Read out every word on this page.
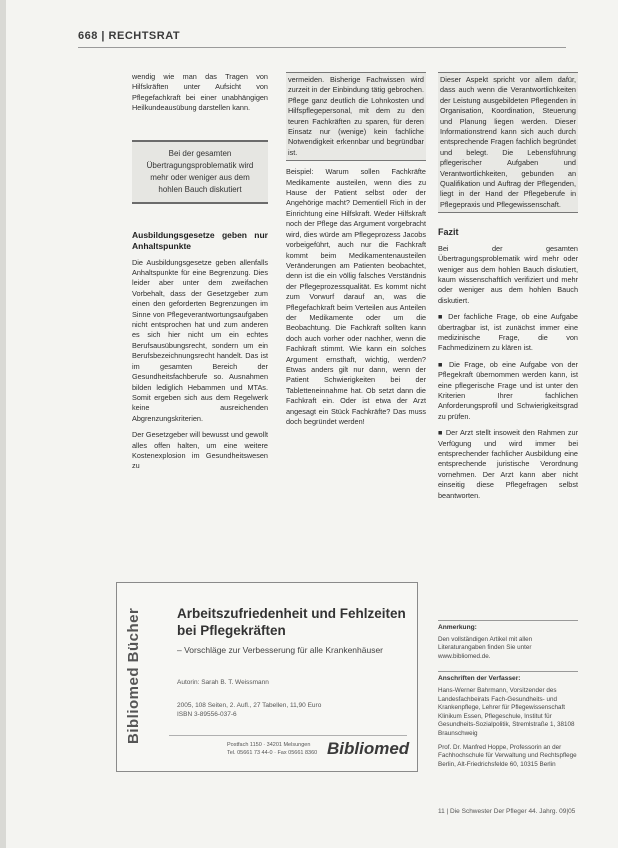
668 | RECHTSRAT

wendig wie man das Tragen von Hilfskräften unter Aufsicht von Pflegefachkraft bei einer unabhängigen Heilkundeausübung darstellen kann.

Bei der gesamten Übertragungsproblematik wird mehr oder weniger aus dem hohlen Bauch diskutiert
Ausbildungsgesetze geben nur Anhaltspunkte

Die Ausbildungsgesetze geben allenfalls Anhaltspunkte für eine Begrenzung. Dies leider aber unter dem zweifachen Vorbehalt, dass der Gesetzgeber zum einen den geforderten Begrenzungen im Sinne von Pflegeverantwortungsaufgaben nicht entsprochen hat und zum anderen es sich hier nicht um ein echtes Berufsausübungsrecht, sondern um ein Berufsbezeichnungsrecht handelt. Das ist im gesamten Bereich der Gesundheitsfachberufe so. Ausnahmen bilden lediglich Hebammen und MTAs. Somit ergeben sich aus dem Regelwerk keine ausreichenden Abgrenzungskriterien.

Der Gesetzgeber will bewusst und gewollt alles offen halten, um eine weitere Kostenexplosion im Gesundheitswesen zu

vermeiden. Bisherige Fachwissen wird zurzeit in der Einbindung tätig gebrochen. Pflege ganz deutlich die Lohnkosten und Hilfspflegepersonal, mit dem zu den teuren Fachkräften zu sparen, für deren Einsatz nur (wenige) kein fachliche Notwendigkeit erkennbar und begründbar ist.

Beispiel: Warum sollen Fachkräfte Medikamente austeilen, wenn dies zu Hause der Patient selbst oder der Angehörige macht? Dementiell Rich in der Einrichtung eine Hilfskraft. Weder Hilfskraft noch der Pflege das Argument vorgebracht wird, dies würde am Pflegeprozess Jacobs vorbeigeführt, auch nur die Fachkraft kommt beim Medikamentenausteilen Veränderungen am Patienten beobachtet, denn ist die ein völlig falsches Verständnis der Pflegeprozessqualität. Es kommt nicht zum Vorwurf darauf an, was die Pflegefachkraft beim Verteilen aus Anteilen der Medikamente oder um die Beobachtung. Die Fachkraft sollten kann doch auch vorher oder nachher, wenn die Fachkraft stimmt. Wie kann ein solches Argument ernsthaft, wichtig, werden? Etwas anders gilt nur dann, wenn der Patient Schwierigkeiten bei der Tabletteneinnahme hat. Ob setzt dann die Fachkraft ein. Oder ist etwa der Arzt angesagt ein Stück Fachkräfte? Das muss doch begründet werden!

Dieser Aspekt spricht vor allem dafür, dass auch wenn die Verantwortlichkeiten der Leistung ausgebildeten Pflegenden in Organisation, Koordination, Steuerung und Planung liegen werden. Dieser Informationstrend kann sich auch durch entsprechende Fragen fachlich begründet und belegt. Die Lebensführung pflegerischer Aufgaben und Verantwortlichkeiten, gebunden an Qualifikation und Auftrag der Pflegenden, liegt in der Hand der Pflegeberufe in Pflegepraxis und Pflegewissenschaft.

Fazit

Bei der gesamten Übertragungsproblematik wird mehr oder weniger aus dem hohlen Bauch diskutiert, kaum wissenschaftlich verifiziert und mehr oder weniger aus dem hohlen Bauch diskutiert.

■ Der fachliche Frage, ob eine Aufgabe übertragbar ist, ist zunächst immer eine medizinische Frage, die von Fachmedizinern zu klären ist.

■ Die Frage, ob eine Aufgabe von der Pflegekraft übernommen werden kann, ist eine pflegerische Frage und ist unter den Kriterien Ihrer fachlichen Anforderungsprofil und Schwierigkeitsgrad zu prüfen.

■ Der Arzt stellt insoweit den Rahmen zur Verfügung und wird immer bei entsprechender fachlicher Ausbildung eine entsprechende juristische Verordnung vornehmen. Der Arzt kann aber nicht einseitig diese Pflegefragen selbst beantworten.

Bibliomed Bücher	Arbeitszufriedenheit und Fehlzeiten bei Pflegekräften
– Vorschläge zur Verbesserung für alle Krankenhäuser
Autorin: Sarah B. T. Weissmann
2005, 108 Seiten, 2. Aufl., 27 Tabellen, 11,90 Euro
ISBN 3-89556-037-6
Postfach 1150 · 34201 Melsungen
Tel. 05661 73 44-0 · Fax 05661 8360 Bibliomed
Anmerkung:

Den vollständigen Artikel mit allen Literaturangaben finden Sie unter www.bibliomed.de.

Anschriften der Verfasser:

Hans-Werner Bahrmann, Vorsitzender des Landesfachbeirats Fach-Gesundheits- und Krankenpflege, Lehrer für Pflegewissenschaft Klinikum Essen, Pflegeschule, Institut für Gesundheits-Sozialpolitik, Stremlstraße 1, 38108 Braunschweig

Prof. Dr. Manfred Hoppe, Professorin an der Fachhochschule für Verwaltung und Rechtspflege Berlin, Alt-Friedrichsfelde 60, 10315 Berlin

11 | Die Schwester Der Pfleger 44. Jahrg. 09|05
